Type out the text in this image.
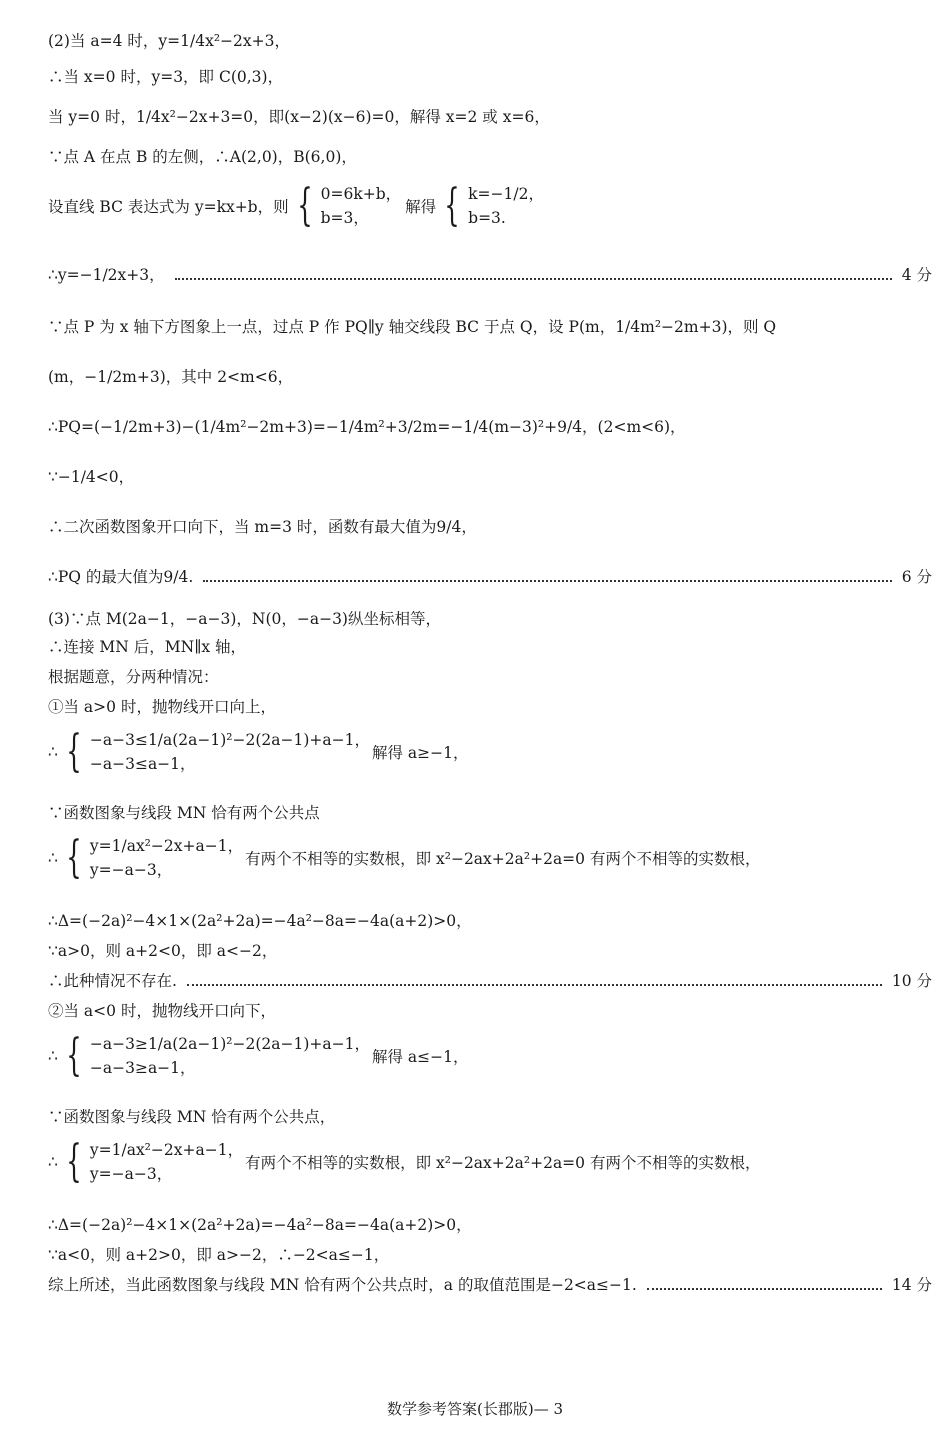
(2)当 a=4 时，y=1/4x²−2x+3，
∴当 x=0 时，y=3，即 C(0,3)，
当 y=0 时，1/4x²−2x+3=0，即(x−2)(x−6)=0，解得 x=2 或 x=6，
∵点 A 在点 B 的左侧，∴A(2,0)，B(6,0)，
设直线 BC 表达式为 y=kx+b，则 { 0=6k+b，
b=3，
解得 { k=−1/2，
b=3.
∴y=−1/2x+3，	4 分
∵点 P 为 x 轴下方图象上一点，过点 P 作 PQ∥y 轴交线段 BC 于点 Q，设 P(m，1/4m²−2m+3)，则 Q
(m，−1/2m+3)，其中 2<m<6，
∴PQ=(−1/2m+3)−(1/4m²−2m+3)=−1/4m²+3/2m=−1/4(m−3)²+9/4，(2<m<6)，
∵−1/4<0，
∴二次函数图象开口向下，当 m=3 时，函数有最大值为9/4，
∴PQ 的最大值为9/4.	6 分
(3)∵点 M(2a−1，−a−3)，N(0，−a−3)纵坐标相等，
∴连接 MN 后，MN∥x 轴，
根据题意，分两种情况：
①当 a>0 时，抛物线开口向上，
∴ { −a−3≤1/a(2a−1)²−2(2a−1)+a−1，
−a−3≤a−1，
解得 a≥−1，
∵函数图象与线段 MN 恰有两个公共点
∴ { y=1/ax²−2x+a−1，
y=−a−3，
有两个不相等的实数根，即 x²−2ax+2a²+2a=0 有两个不相等的实数根，
∴Δ=(−2a)²−4×1×(2a²+2a)=−4a²−8a=−4a(a+2)>0，
∵a>0，则 a+2<0，即 a<−2，
∴此种情况不存在.	10 分
②当 a<0 时，抛物线开口向下，
∴ { −a−3≥1/a(2a−1)²−2(2a−1)+a−1，
−a−3≥a−1，
解得 a≤−1，
∵函数图象与线段 MN 恰有两个公共点，
∴ { y=1/ax²−2x+a−1，
y=−a−3，
有两个不相等的实数根，即 x²−2ax+2a²+2a=0 有两个不相等的实数根，
∴Δ=(−2a)²−4×1×(2a²+2a)=−4a²−8a=−4a(a+2)>0，
∵a<0，则 a+2>0，即 a>−2，∴−2<a≤−1，
综上所述，当此函数图象与线段 MN 恰有两个公共点时，a 的取值范围是−2<a≤−1.	14 分
数学参考答案(长郡版)— 3
